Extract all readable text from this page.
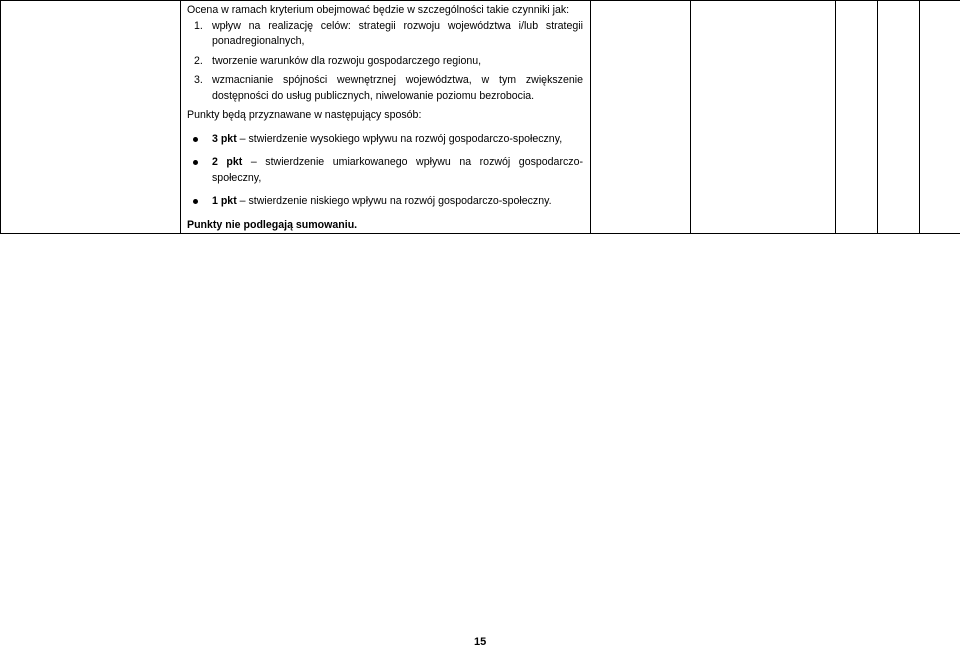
Ocena w ramach kryterium obejmować będzie w szczególności takie czynniki jak:

1. wpływ na realizację celów: strategii rozwoju województwa i/lub strategii ponadregionalnych,
2. tworzenie warunków dla rozwoju gospodarczego regionu,
3. wzmacnianie spójności wewnętrznej województwa, w tym zwiększenie dostępności do usług publicznych, niwelowanie poziomu bezrobocia.

Punkty będą przyznawane w następujący sposób:

3 pkt – stwierdzenie wysokiego wpływu na rozwój gospodarczo-społeczny,
2 pkt – stwierdzenie umiarkowanego wpływu na rozwój gospodarczo-społeczny,
1 pkt – stwierdzenie niskiego wpływu na rozwój gospodarczo-społeczny.

Punkty nie podlegają sumowaniu.

15
